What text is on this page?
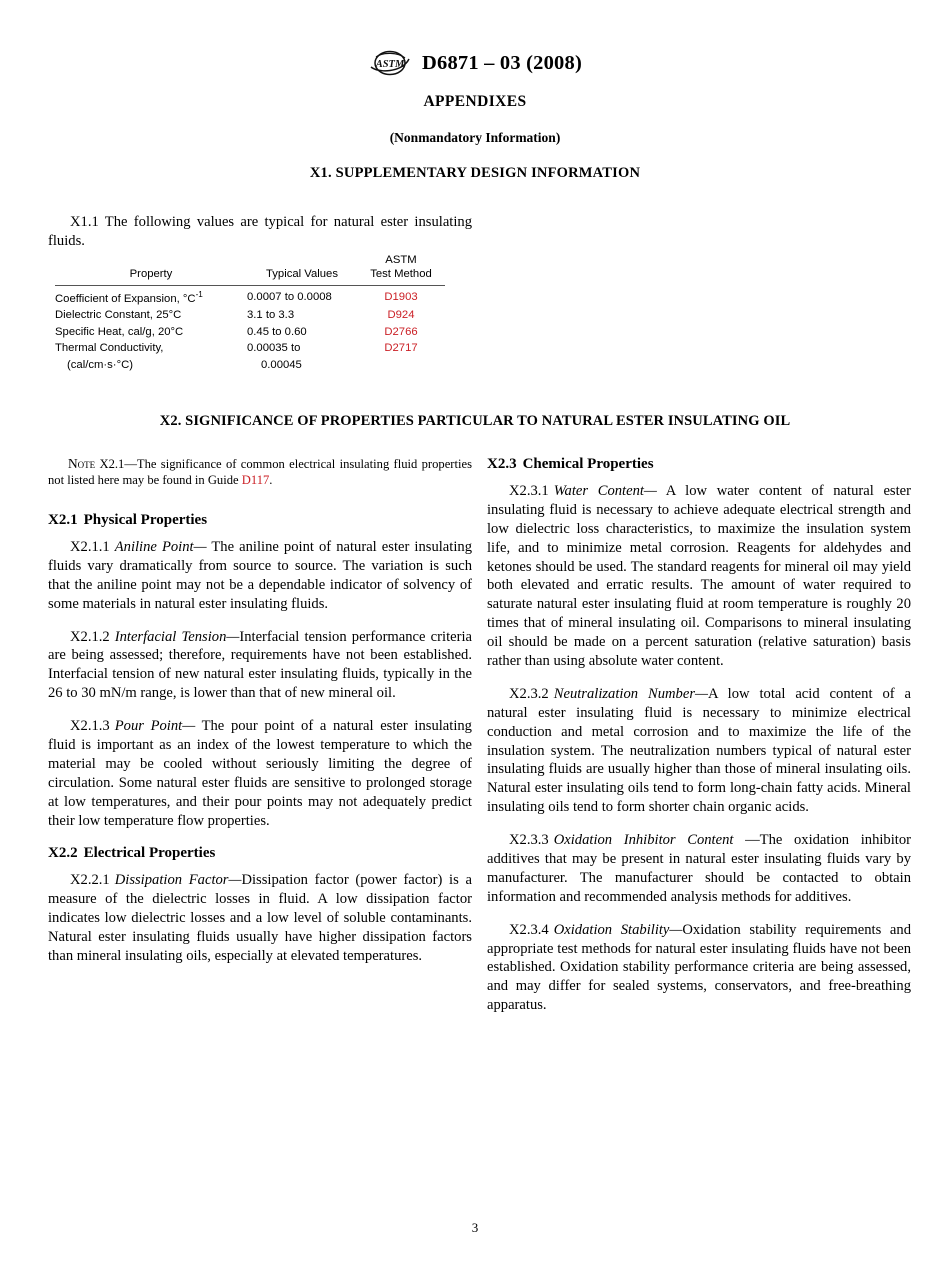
ASTM D6871 – 03 (2008)
APPENDIXES
(Nonmandatory Information)
X1. SUPPLEMENTARY DESIGN INFORMATION
X1.1 The following values are typical for natural ester insulating fluids.
Property	Typical Values	ASTM
Test Method
Coefficient of Expansion, $^\circ C^{-1}$	0.0007 to 0.0008	D1903
Dielectric Constant, 25°C	3.1 to 3.3	D924
Specific Heat, cal/g, 20°C	0.45 to 0.60	D2766
Thermal Conductivity,	0.00035 to	D2717
(cal/cm·s·°C)	0.00045	
X2. SIGNIFICANCE OF PROPERTIES PARTICULAR TO NATURAL ESTER INSULATING OIL
Note X2.1—The significance of common electrical insulating fluid properties not listed here may be found in Guide D117.
X2.1 Physical Properties

X2.1.1 Aniline Point— The aniline point of natural ester insulating fluids vary dramatically from source to source. The variation is such that the aniline point may not be a dependable indicator of solvency of some materials in natural ester insulating fluids.

X2.1.2 Interfacial Tension—Interfacial tension performance criteria are being assessed; therefore, requirements have not been established. Interfacial tension of new natural ester insulating fluids, typically in the 26 to 30 mN/m range, is lower than that of new mineral oil.

X2.1.3 Pour Point— The pour point of a natural ester insulating fluid is important as an index of the lowest temperature to which the material may be cooled without seriously limiting the degree of circulation. Some natural ester fluids are sensitive to prolonged storage at low temperatures, and their pour points may not adequately predict their low temperature flow properties.

X2.2 Electrical Properties

X2.2.1 Dissipation Factor—Dissipation factor (power factor) is a measure of the dielectric losses in fluid. A low dissipation factor indicates low dielectric losses and a low level of soluble contaminants. Natural ester insulating fluids usually have higher dissipation factors than mineral insulating oils, especially at elevated temperatures.

X2.3 Chemical Properties

X2.3.1 Water Content— A low water content of natural ester insulating fluid is necessary to achieve adequate electrical strength and low dielectric loss characteristics, to maximize the insulation system life, and to minimize metal corrosion. Reagents for aldehydes and ketones should be used. The standard reagents for mineral oil may yield both elevated and erratic results. The amount of water required to saturate natural ester insulating fluid at room temperature is roughly 20 times that of mineral insulating oil. Comparisons to mineral insulating oil should be made on a percent saturation (relative saturation) basis rather than using absolute water content.

X2.3.2 Neutralization Number—A low total acid content of a natural ester insulating fluid is necessary to minimize electrical conduction and metal corrosion and to maximize the life of the insulation system. The neutralization numbers typical of natural ester insulating fluids are usually higher than those of mineral insulating oils. Natural ester insulating oils tend to form long-chain fatty acids. Mineral insulating oils tend to form shorter chain organic acids.

X2.3.3 Oxidation Inhibitor Content —The oxidation inhibitor additives that may be present in natural ester insulating fluids vary by manufacturer. The manufacturer should be contacted to obtain information and recommended analysis methods for additives.

X2.3.4 Oxidation Stability—Oxidation stability requirements and appropriate test methods for natural ester insulating fluids have not been established. Oxidation stability performance criteria are being assessed, and may differ for sealed systems, conservators, and free-breathing apparatus.

3
